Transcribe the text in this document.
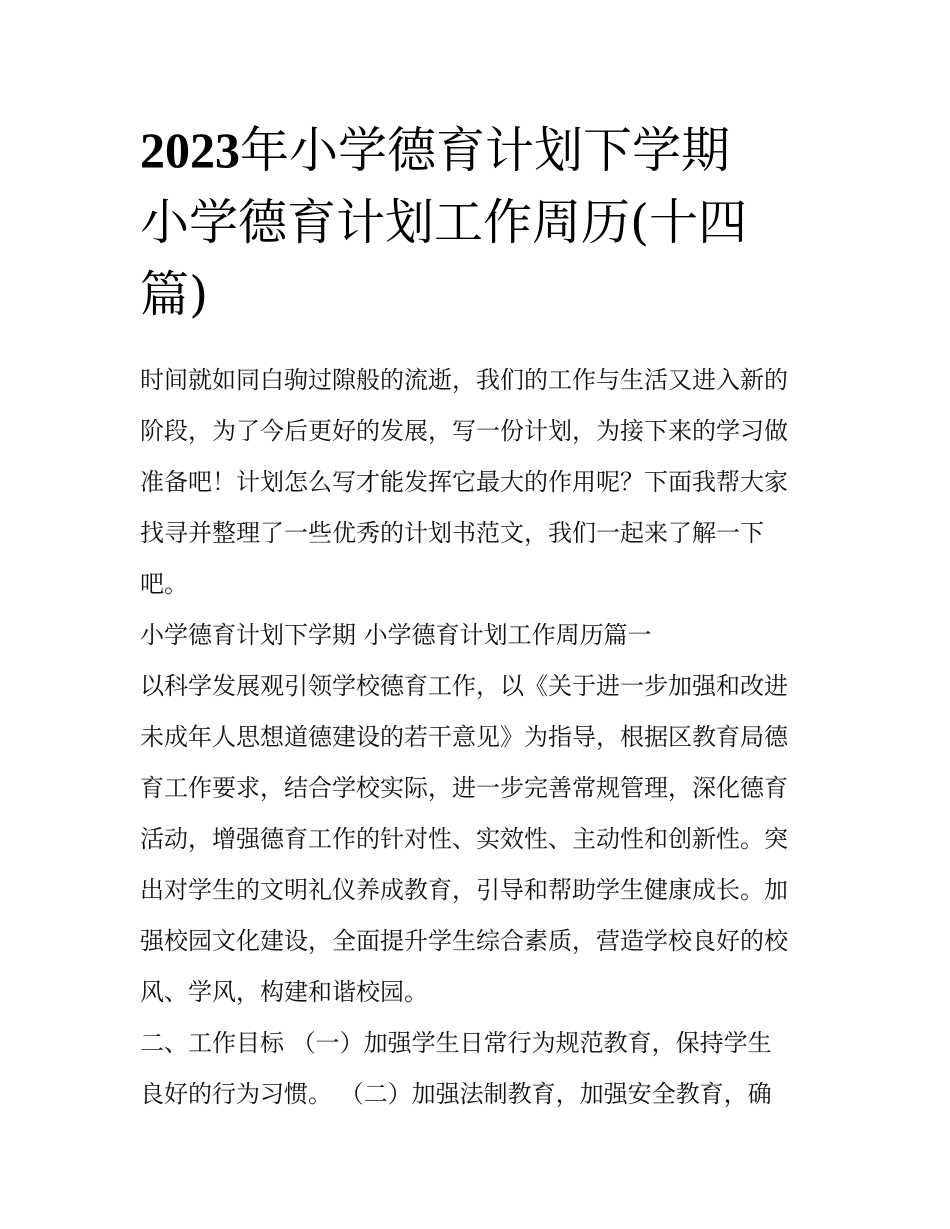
2023年小学德育计划下学期
小学德育计划工作周历(十四
篇)
时间就如同白驹过隙般的流逝，我们的工作与生活又进入新的
阶段，为了今后更好的发展，写一份计划，为接下来的学习做
准备吧！计划怎么写才能发挥它最大的作用呢？下面我帮大家
找寻并整理了一些优秀的计划书范文，我们一起来了解一下
吧。
小学德育计划下学期 小学德育计划工作周历篇一
以科学发展观引领学校德育工作，以《关于进一步加强和改进
未成年人思想道德建设的若干意见》为指导，根据区教育局德
育工作要求，结合学校实际，进一步完善常规管理，深化德育
活动，增强德育工作的针对性、实效性、主动性和创新性。突
出对学生的文明礼仪养成教育，引导和帮助学生健康成长。加
强校园文化建设，全面提升学生综合素质，营造学校良好的校
风、学风，构建和谐校园。
二、工作目标 （一）加强学生日常行为规范教育，保持学生
良好的行为习惯。 （二）加强法制教育，加强安全教育，确
